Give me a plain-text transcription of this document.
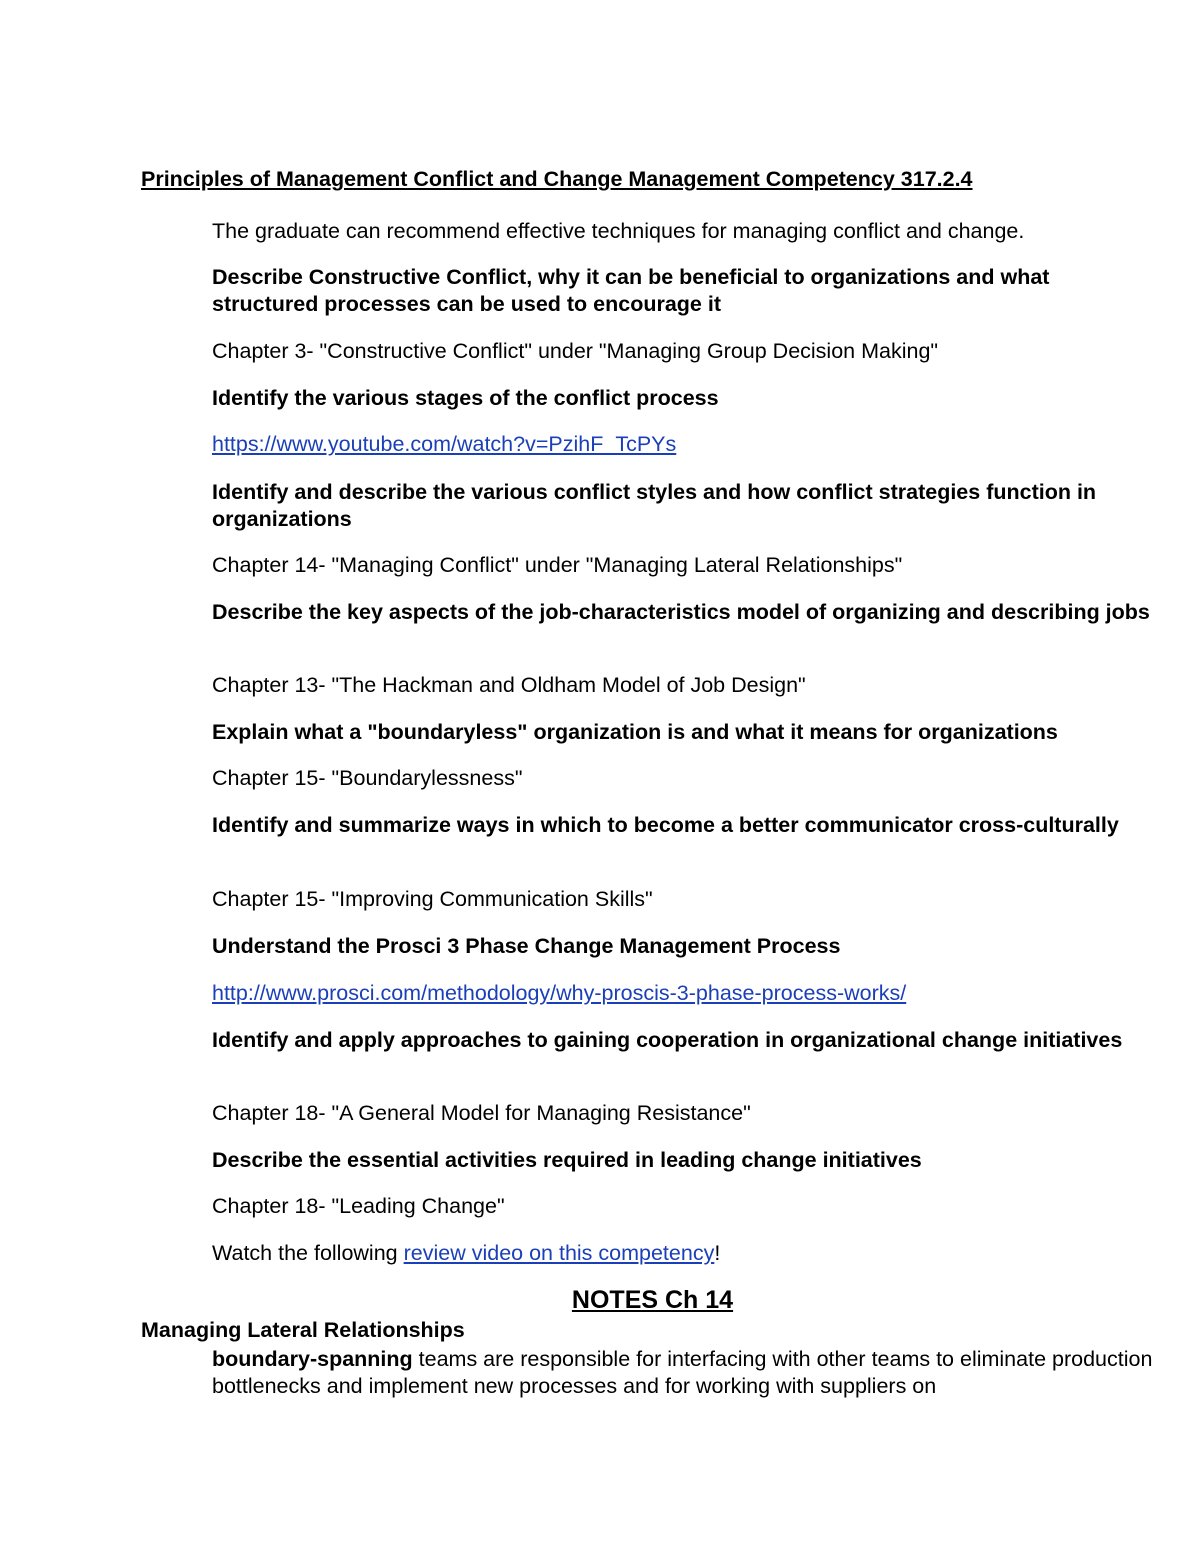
Principles of Management Conflict and Change Management Competency 317.2.4
The graduate can recommend effective techniques for managing conflict and change.
Describe Constructive Conflict, why it can be beneficial to organizations and what structured processes can be used to encourage it
Chapter 3- "Constructive Conflict" under "Managing Group Decision Making"
Identify the various stages of the conflict process
https://www.youtube.com/watch?v=PzihF_TcPYs
Identify and describe the various conflict styles and how conflict strategies function in organizations
Chapter 14- "Managing Conflict" under "Managing Lateral Relationships"
Describe the key aspects of the job-characteristics model of organizing and describing jobs
Chapter 13- "The Hackman and Oldham Model of Job Design"
Explain what a "boundaryless" organization is and what it means for organizations
Chapter 15- "Boundarylessness"
Identify and summarize ways in which to become a better communicator cross-culturally
Chapter 15- "Improving Communication Skills"
Understand the Prosci 3 Phase Change Management Process
http://www.prosci.com/methodology/why-proscis-3-phase-process-works/
Identify and apply approaches to gaining cooperation in organizational change initiatives
Chapter 18- "A General Model for Managing Resistance"
Describe the essential activities required in leading change initiatives
Chapter 18- "Leading Change"
Watch the following review video on this competency!
NOTES Ch 14
Managing Lateral Relationships
boundary-spanning teams are responsible for interfacing with other teams to eliminate production bottlenecks and implement new processes and for working with suppliers on
